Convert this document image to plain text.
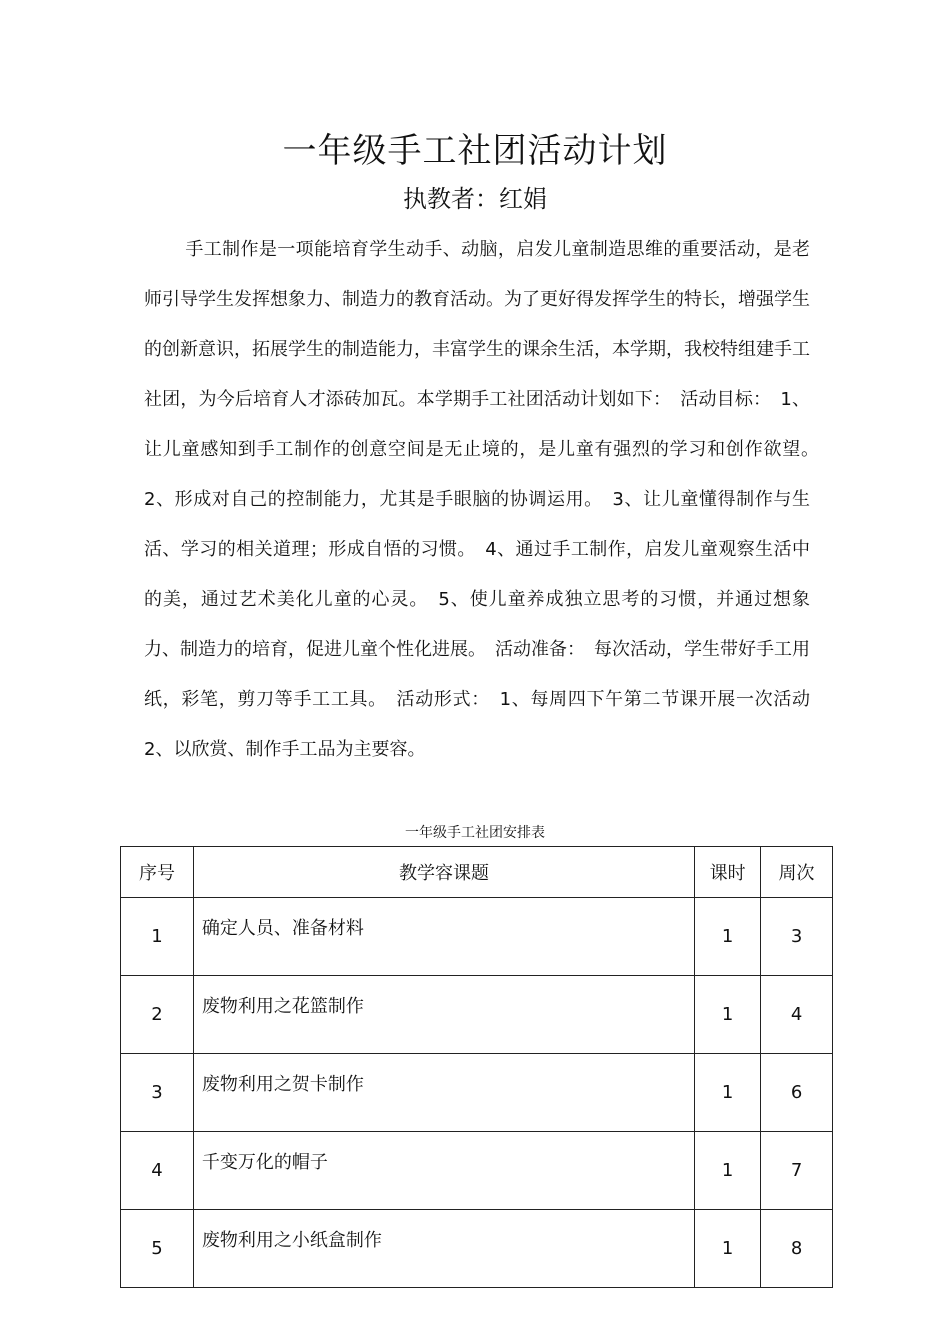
一年级手工社团活动计划
执教者：红娟

手工制作是一项能培育学生动手、动脑，启发儿童制造思维的重要活动，是老师引导学生发挥想象力、制造力的教育活动。为了更好得发挥学生的特长，增强学生的创新意识，拓展学生的制造能力，丰富学生的课余生活，本学期，我校特组建手工社团，为今后培育人才添砖加瓦。本学期手工社团活动计划如下：　活动目标：　1、让儿童感知到手工制作的创意空间是无止境的，是儿童有强烈的学习和创作欲望。　2、形成对自己的控制能力，尤其是手眼脑的协调运用。　3、让儿童懂得制作与生活、学习的相关道理；形成自悟的习惯。　4、通过手工制作，启发儿童观察生活中的美，通过艺术美化儿童的心灵。　5、使儿童养成独立思考的习惯，并通过想象力、制造力的培育，促进儿童个性化进展。　活动准备：　每次活动，学生带好手工用纸，彩笔，剪刀等手工工具。　活动形式：　1、每周四下午第二节课开展一次活动　2、以欣赏、制作手工品为主要容。

一年级手工社团安排表
序号	教学容课题	课时	周次
1	确定人员、准备材料	1	3
2	废物利用之花篮制作	1	4
3	废物利用之贺卡制作	1	6
4	千变万化的帽子	1	7
5	废物利用之小纸盒制作	1	8
